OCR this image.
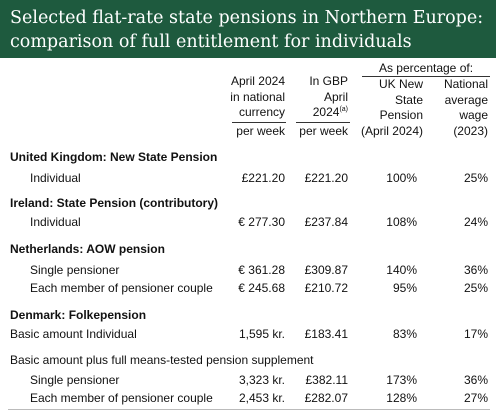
Selected flat-rate state pensions in Northern Europe:
comparison of full entitlement for individuals
April 2024
in national
currency
per week
In GBP
April
2024$^{(a)}$
per week
As percentage of:
UK New
State
Pension
(April 2024)
National
average
wage
(2023)
United Kingdom: New State Pension
Individual	£221.20 £221.20	100%	25%
Ireland: State Pension (contributory)
Individual	€ 277.30 £237.84	108%	24%
Netherlands: AOW pension
Single pensioner	€ 361.28 £309.87	140%	36%
Each member of pensioner couple € 245.68 £210.72	95%	25%
Denmark: Folkepension
Basic amount Individual	1,595 kr. £183.41	83%	17%
Basic amount plus full means-tested pension supplement
Single pensioner	3,323 kr. £382.11	173%	36%
Each member of pensioner couple 2,453 kr. £282.07	128%	27%
